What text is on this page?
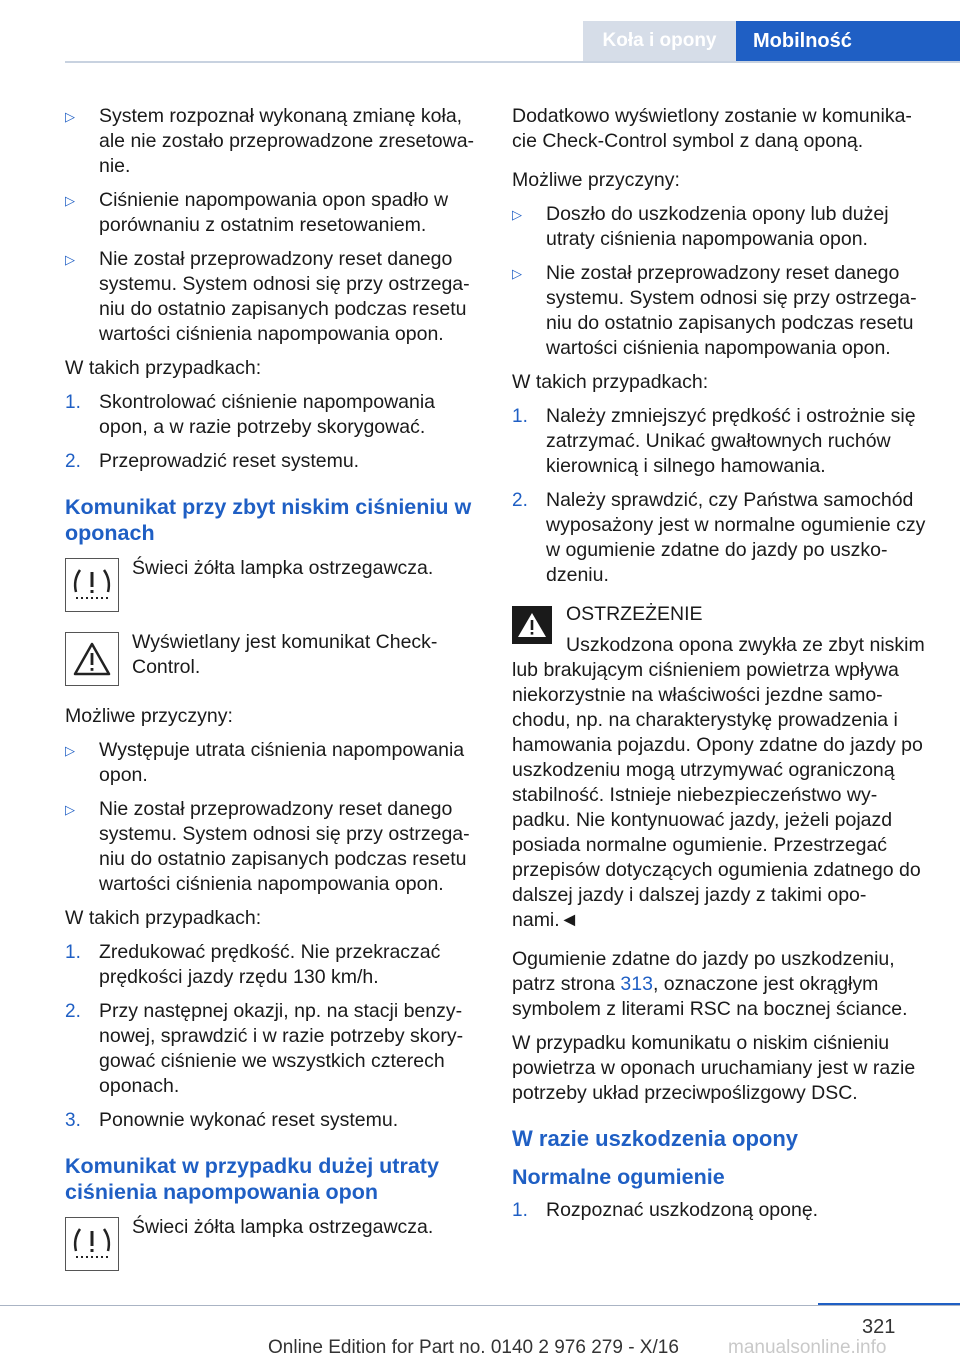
Koła i opony	Mobilność
▷	System rozpoznał wykonaną zmianę koła, ale nie zostało przeprowadzone zresetowa-nie.
▷	Ciśnienie napompowania opon spadło w porównaniu z ostatnim resetowaniem.
▷	Nie został przeprowadzony reset danego systemu. System odnosi się przy ostrzega-niu do ostatnio zapisanych podczas resetu wartości ciśnienia napompowania opon.
W takich przypadkach:
1. Skontrolować ciśnienie napompowania opon, a w razie potrzeby skorygować.
2. Przeprowadzić reset systemu.
Komunikat przy zbyt niskim ciśnieniu w oponach
Świeci żółta lampka ostrzegawcza.
Wyświetlany jest komunikat Check-Control.
Możliwe przyczyny:
▷	Występuje utrata ciśnienia napompowania opon.
▷	Nie został przeprowadzony reset danego systemu. System odnosi się przy ostrzega-niu do ostatnio zapisanych podczas resetu wartości ciśnienia napompowania opon.
W takich przypadkach:
1. Zredukować prędkość. Nie przekraczać prędkości jazdy rzędu 130 km/h.
2. Przy następnej okazji, np. na stacji benzy-nowej, sprawdzić i w razie potrzeby skory-gować ciśnienie we wszystkich czterech oponach.
3. Ponownie wykonać reset systemu.
Komunikat w przypadku dużej utraty ciśnienia napompowania opon
Świeci żółta lampka ostrzegawcza.
Dodatkowo wyświetlony zostanie w komunika-cie Check-Control symbol z daną oponą.
Możliwe przyczyny:
▷	Doszło do uszkodzenia opony lub dużej utraty ciśnienia napompowania opon.
▷	Nie został przeprowadzony reset danego systemu. System odnosi się przy ostrzega-niu do ostatnio zapisanych podczas resetu wartości ciśnienia napompowania opon.
W takich przypadkach:
1. Należy zmniejszyć prędkość i ostrożnie się zatrzymać. Unikać gwałtownych ruchów kierownicą i silnego hamowania.
2. Należy sprawdzić, czy Państwa samochód wyposażony jest w normalne ogumienie czy w ogumienie zdatne do jazdy po uszko-dzeniu.
OSTRZEŻENIE
Uszkodzona opona zwykła ze zbyt niskim
lub brakującym ciśnieniem powietrza wpływa niekorzystnie na właściwości jezdne samo-chodu, np. na charakterystykę prowadzenia i hamowania pojazdu. Opony zdatne do jazdy po uszkodzeniu mogą utrzymywać ograniczoną stabilność. Istnieje niebezpieczeństwo wy-padku. Nie kontynuować jazdy, jeżeli pojazd posiada normalne ogumienie. Przestrzegać przepisów dotyczących ogumienia zdatnego do dalszej jazdy i dalszej jazdy z takimi opo-nami.◄
Ogumienie zdatne do jazdy po uszkodzeniu, patrz strona 313, oznaczone jest okrągłym symbolem z literami RSC na bocznej ściance.
W przypadku komunikatu o niskim ciśnieniu powietrza w oponach uruchamiany jest w razie potrzeby układ przeciwpoślizgowy DSC.
W razie uszkodzenia opony
Normalne ogumienie
1. Rozpoznać uszkodzoną oponę.
321
Online Edition for Part no. 0140 2 976 279 - X/16	manualsonline.info
